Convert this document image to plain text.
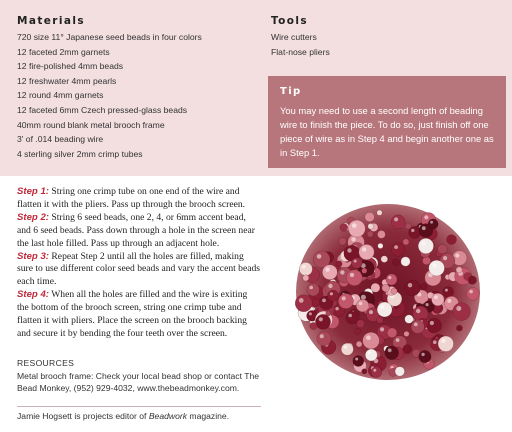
Materials
720 size 11° Japanese seed beads in four colors
12 faceted 2mm garnets
12 fire-polished 4mm beads
12 freshwater 4mm pearls
12 round 4mm garnets
12 faceted 6mm Czech pressed-glass beads
40mm round blank metal brooch frame
3' of .014 beading wire
4 sterling silver 2mm crimp tubes
Tools
Wire cutters
Flat-nose pliers
Tip
You may need to use a second length of beading wire to finish the piece. To do so, just finish off one piece of wire as in Step 4 and begin another one as in Step 1.

Step 1: String one crimp tube on one end of the wire and flatten it with the pliers. Pass up through the brooch screen.

Step 2: String 6 seed beads, one 2, 4, or 6mm accent bead, and 6 seed beads. Pass down through a hole in the screen near the last hole filled. Pass up through an adjacent hole.

Step 3: Repeat Step 2 until all the holes are filled, making sure to use different color seed beads and vary the accent beads each time.

Step 4: When all the holes are filled and the wire is exiting the bottom of the brooch screen, string one crimp tube and flatten it with pliers. Place the screen on the brooch backing and secure it by bending the four teeth over the screen.

RESOURCES
Metal brooch frame: Check your local bead shop or contact The Bead Monkey, (952) 929-4032, www.thebeadmonkey.com.
Jamie Hogsett is projects editor of Beadwork magazine.
